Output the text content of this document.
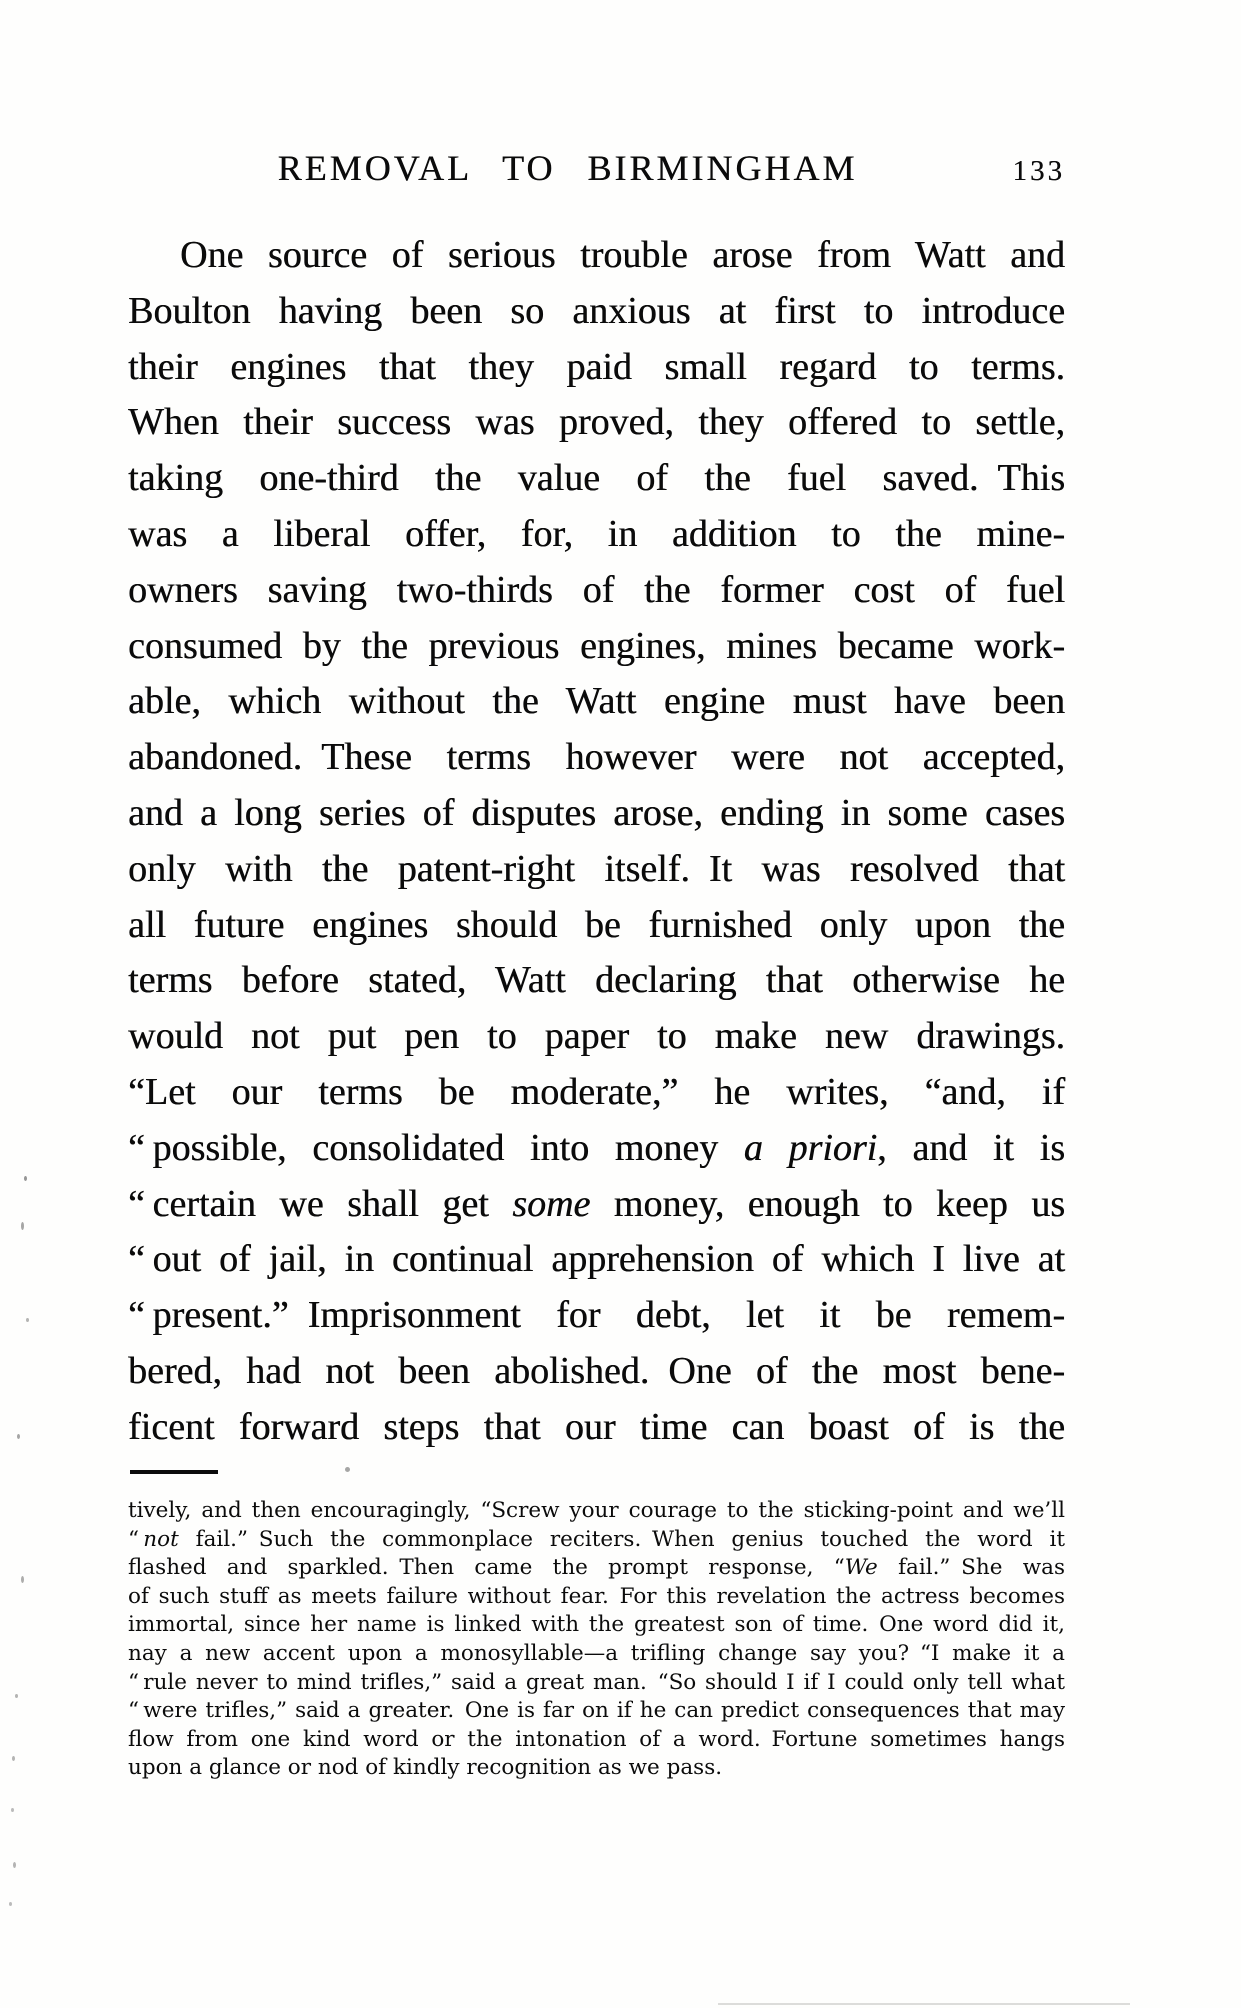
REMOVAL TO BIRMINGHAM	133
One source of serious trouble arose from Watt and
Boulton having been so anxious at first to introduce
their engines that they paid small regard to terms.
When their success was proved, they offered to settle,
taking one-third the value of the fuel saved. This
was a liberal offer, for, in addition to the mine-
owners saving two-thirds of the former cost of fuel
consumed by the previous engines, mines became work-
able, which without the Watt engine must have been
abandoned. These terms however were not accepted,
and a long series of disputes arose, ending in some cases
only with the patent-right itself. It was resolved that
all future engines should be furnished only upon the
terms before stated, Watt declaring that otherwise he
would not put pen to paper to make new drawings.
“Let our terms be moderate,” he writes, “and, if
“ possible, consolidated into money a priori, and it is
“ certain we shall get some money, enough to keep us
“ out of jail, in continual apprehension of which I live at
“ present.” Imprisonment for debt, let it be remem-
bered, had not been abolished. One of the most bene-
ficent forward steps that our time can boast of is the
tively, and then encouragingly, “Screw your courage to the sticking-point and we’ll
“ not fail.” Such the commonplace reciters. When genius touched the word it
flashed and sparkled. Then came the prompt response, “We fail.” She was
of such stuff as meets failure without fear. For this revelation the actress becomes
immortal, since her name is linked with the greatest son of time. One word did it,
nay a new accent upon a monosyllable—a trifling change say you? “I make it a
“ rule never to mind trifles,” said a great man. “So should I if I could only tell what
“ were trifles,” said a greater. One is far on if he can predict consequences that may
flow from one kind word or the intonation of a word. Fortune sometimes hangs
upon a glance or nod of kindly recognition as we pass.
